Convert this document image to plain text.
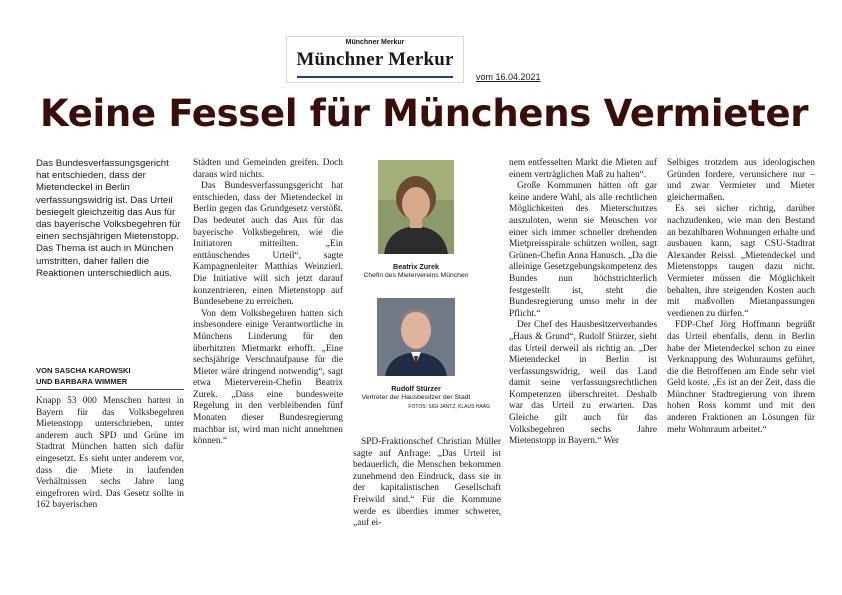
Münchner Merkur
Münchner Merkur
vom 16.04.2021
Keine Fessel für Münchens Vermieter
Das Bundesverfassungsgericht hat entschieden, dass der Mietendeckel in Berlin verfassungswidrig ist. Das Urteil besiegelt gleichzeitig das Aus für das bayerische Volksbegehren für einen sechsjährigen Mietenstopp. Das Thema ist auch in München umstritten, daher fallen die Reaktionen unterschiedlich aus.
VON SASCHA KAROWSKI
UND BARBARA WIMMER

Knapp 53 000 Menschen hatten in Bayern für das Volksbegehren Mietenstopp unterschrieben, unter anderem auch SPD und Grüne im Stadtrat München hatten sich dafür eingesetzt. Es sieht unter anderem vor, dass die Miete in laufenden Verhältnissen sechs Jahre lang eingefroren wird. Das Gesetz sollte in 162 bayerischen

Städten und Gemeinden greifen. Doch daraus wird nichts.

Das Bundesverfassungsgericht hat entschieden, dass der Mietendeckel in Berlin gegen das Grundgesetz verstößt. Das bedeutet auch das Aus für das bayerische Volksbegehren, wie die Initiatoren mitteilten. „Ein enttäuschendes Urteil“, sagte Kampagnenleiter Matthias Weinzierl. Die Initiative will sich jetzt darauf konzentrieren, einen Mietenstopp auf Bundesebene zu erreichen.

Von dem Volksbegehren hatten sich insbesondere einige Verantwortliche in Münchens Linderung für den überhitzten Mietmarkt erhofft. „Eine sechsjährige Verschnaufpause für die Mieter wäre dringend notwendig“, sagt etwa Mieterverein-Chefin Beatrix Zurek. „Dass eine bundesweite Regelung in den verbleibenden fünf Monaten dieser Bundesregierung machbar ist, wird man nicht annehmen können.“

Beatrix Zurek
Chefin des Mietervereins München
Rudolf Stürzer
Vertreter der Hausbesitzer der Stadt
FOTOS: SIGI JANTZ, KLAUS HAAG

SPD-Fraktionschef Christian Müller sagte auf Anfrage: „Das Urteil ist bedauerlich, die Menschen bekommen zunehmend den Eindruck, dass sie in der kapitalistischen Gesellschaft Freiwild sind.“ Für die Kommune werde es überdies immer schwerer, „auf ei-

nem entfesselten Markt die Mieten auf einem verträglichen Maß zu halten“.

Große Kommunen hätten oft gar keine andere Wahl, als alle rechtlichen Möglichkeiten des Mieterschutzes auszuloten, wenn sie Menschen vor einer sich immer schneller drehenden Mietpreisspirale schützen wollen, sagt Grünen-Chefin Anna Hanusch. „Da die alleinige Gesetzgebungskompetenz des Bundes nun höchstrichterlich festgestellt ist, steht die Bundesregierung umso mehr in der Pflicht.“

Der Chef des Hausbesitzerverbandes „Haus & Grund“, Rudolf Stürzer, sieht das Urteil derweil als richtig an. „Der Mietendeckel in Berlin ist verfassungswidrig, weil das Land damit seine verfassungsrechtlichen Kompetenzen überschreitet. Deshalb war das Urteil zu erwarten. Das Gleiche gilt auch für das Volksbegehren sechs Jahre Mietenstopp in Bayern.“ Wer

Selbiges trotzdem aus ideologischen Gründen fordere, verunsichere nur – und zwar Vermieter und Mieter gleichermaßen.

Es sei sicher richtig, darüber nachzudenken, wie man den Bestand an bezahlbaren Wohnungen erhalte und ausbauen kann, sagt CSU-Stadtrat Alexander Reissl. „Mietendeckel und Mietenstopps taugen dazu nicht. Vermieter müssen die Möglichkeit behalten, ihre steigenden Kosten auch mit maßvollen Mietanpassungen verdienen zu dürfen.“

FDP-Chef Jörg Hoffmann begrüßt das Urteil ebenfalls, denn in Berlin habe der Mietendeckel schon zu einer Verknappung des Wohnraums geführt, die die Betroffenen am Ende sehr viel Geld koste. „Es ist an der Zeit, dass die Münchner Stadtregierung von ihrem hohen Ross kommt und mit den anderen Fraktionen an Lösungen für mehr Wohnraum arbeitet.“
